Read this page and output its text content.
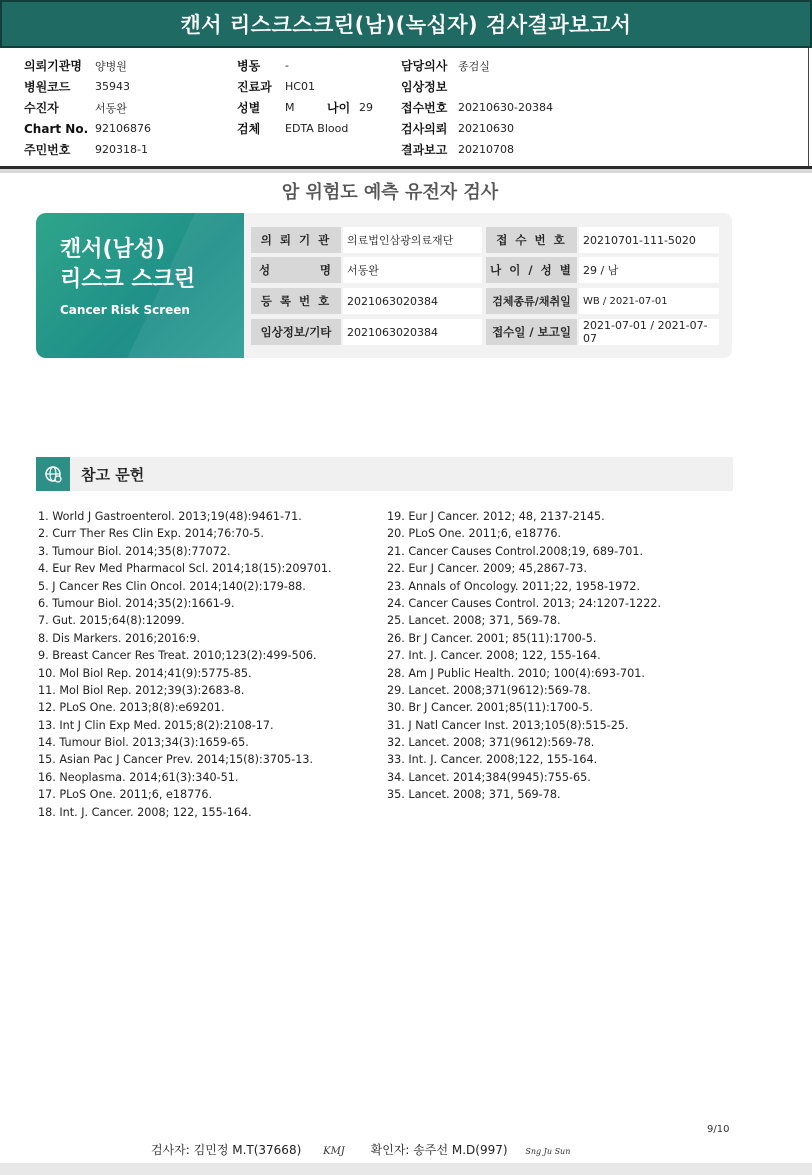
캔서 리스크스크린(남)(녹십자) 검사결과보고서
의뢰기관명	양병원
병원코드	35943
수진자	서동완
Chart No. 92106876
주민번호	920318-1
병동	-
진료과	HC01
성별	M	나이 29
검체	EDTA Blood
담당의사 종검실
임상정보
접수번호 20210630-20384
검사의뢰 20210630
결과보고 20210708
암 위험도 예측 유전자 검사
캔서(남성)
리스크 스크린
Cancer Risk Screen
의 뢰 기 관	의료법인삼광의료재단	접 수 번 호	20210701-111-5020
성	명	서동완	나 이 / 성 별 29 / 남
등 록 번 호	2021063020384	검체종류/채취일	WB / 2021-07-01
임상정보/기타	2021063020384	접수일 / 보고일	2021-07-01 / 2021-07-07
참고 문헌
1. World J Gastroenterol. 2013;19(48):9461-71.
2. Curr Ther Res Clin Exp. 2014;76:70-5.
3. Tumour Biol. 2014;35(8):77072.
4. Eur Rev Med Pharmacol Scl. 2014;18(15):209701.
5. J Cancer Res Clin Oncol. 2014;140(2):179-88.
6. Tumour Biol. 2014;35(2):1661-9.
7. Gut. 2015;64(8):12099.
8. Dis Markers. 2016;2016:9.
9. Breast Cancer Res Treat. 2010;123(2):499-506.
10. Mol Biol Rep. 2014;41(9):5775-85.
11. Mol Biol Rep. 2012;39(3):2683-8.
12. PLoS One. 2013;8(8):e69201.
13. Int J Clin Exp Med. 2015;8(2):2108-17.
14. Tumour Biol. 2013;34(3):1659-65.
15. Asian Pac J Cancer Prev. 2014;15(8):3705-13.
16. Neoplasma. 2014;61(3):340-51.
17. PLoS One. 2011;6, e18776.
18. Int. J. Cancer. 2008; 122, 155-164.
19. Eur J Cancer. 2012; 48, 2137-2145.
20. PLoS One. 2011;6, e18776.
21. Cancer Causes Control.2008;19, 689-701.
22. Eur J Cancer. 2009; 45,2867-73.
23. Annals of Oncology. 2011;22, 1958-1972.
24. Cancer Causes Control. 2013; 24:1207-1222.
25. Lancet. 2008; 371, 569-78.
26. Br J Cancer. 2001; 85(11):1700-5.
27. Int. J. Cancer. 2008; 122, 155-164.
28. Am J Public Health. 2010; 100(4):693-701.
29. Lancet. 2008;371(9612):569-78.
30. Br J Cancer. 2001;85(11):1700-5.
31. J Natl Cancer Inst. 2013;105(8):515-25.
32. Lancet. 2008; 371(9612):569-78.
33. Int. J. Cancer. 2008;122, 155-164.
34. Lancet. 2014;384(9945):755-65.
35. Lancet. 2008; 371, 569-78.
9/10
검사자: 김민정 M.T(37668) KMJ 확인자: 송주선 M.D(997) Sng Ju Sun
